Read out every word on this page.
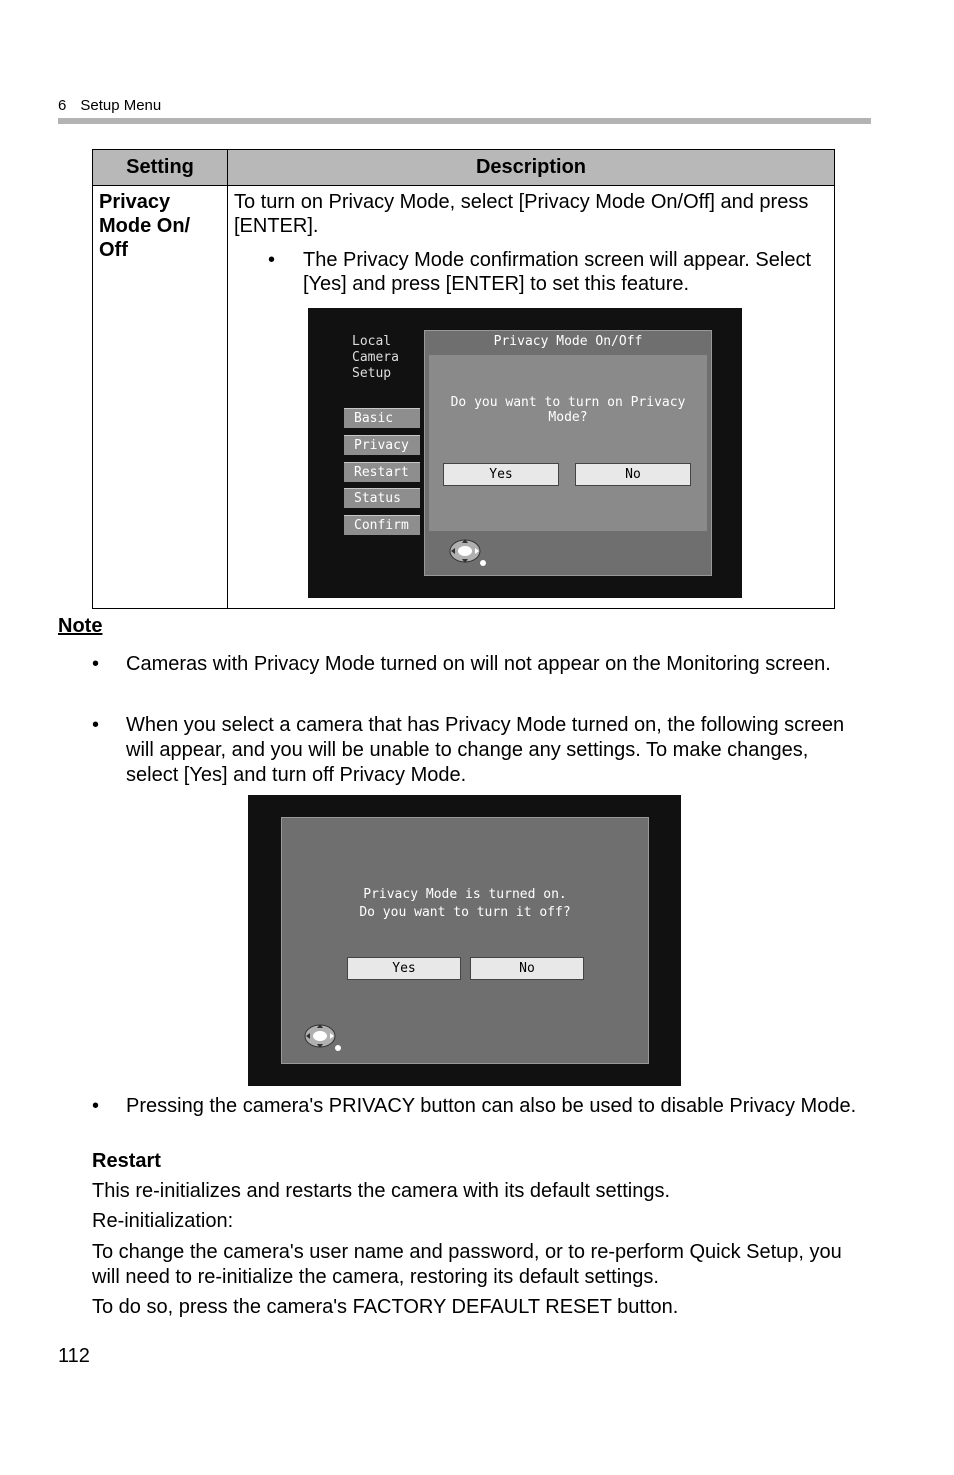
6 Setup Menu
Setting	Description
Privacy Mode On/ Off	To turn on Privacy Mode, select [Privacy Mode On/Off] and press [ENTER].

• The Privacy Mode confirmation screen will appear. Select [Yes] and press [ENTER] to set this feature.

Local
Camera
Setup
Basic
Privacy
Restart
Status
Confirm
Privacy Mode On/Off
Do you want to turn on Privacy Mode?
Yes	No
Note
• Cameras with Privacy Mode turned on will not appear on the Monitoring screen.
• When you select a camera that has Privacy Mode turned on, the following screen will appear, and you will be unable to change any settings. To make changes, select [Yes] and turn off Privacy Mode.
Privacy Mode is turned on.
Do you want to turn it off?
Yes	No
• Pressing the camera's PRIVACY button can also be used to disable Privacy Mode.
Restart
This re-initializes and restarts the camera with its default settings.
Re-initialization:
To change the camera's user name and password, or to re-perform Quick Setup, you will need to re-initialize the camera, restoring its default settings.
To do so, press the camera's FACTORY DEFAULT RESET button.
112
